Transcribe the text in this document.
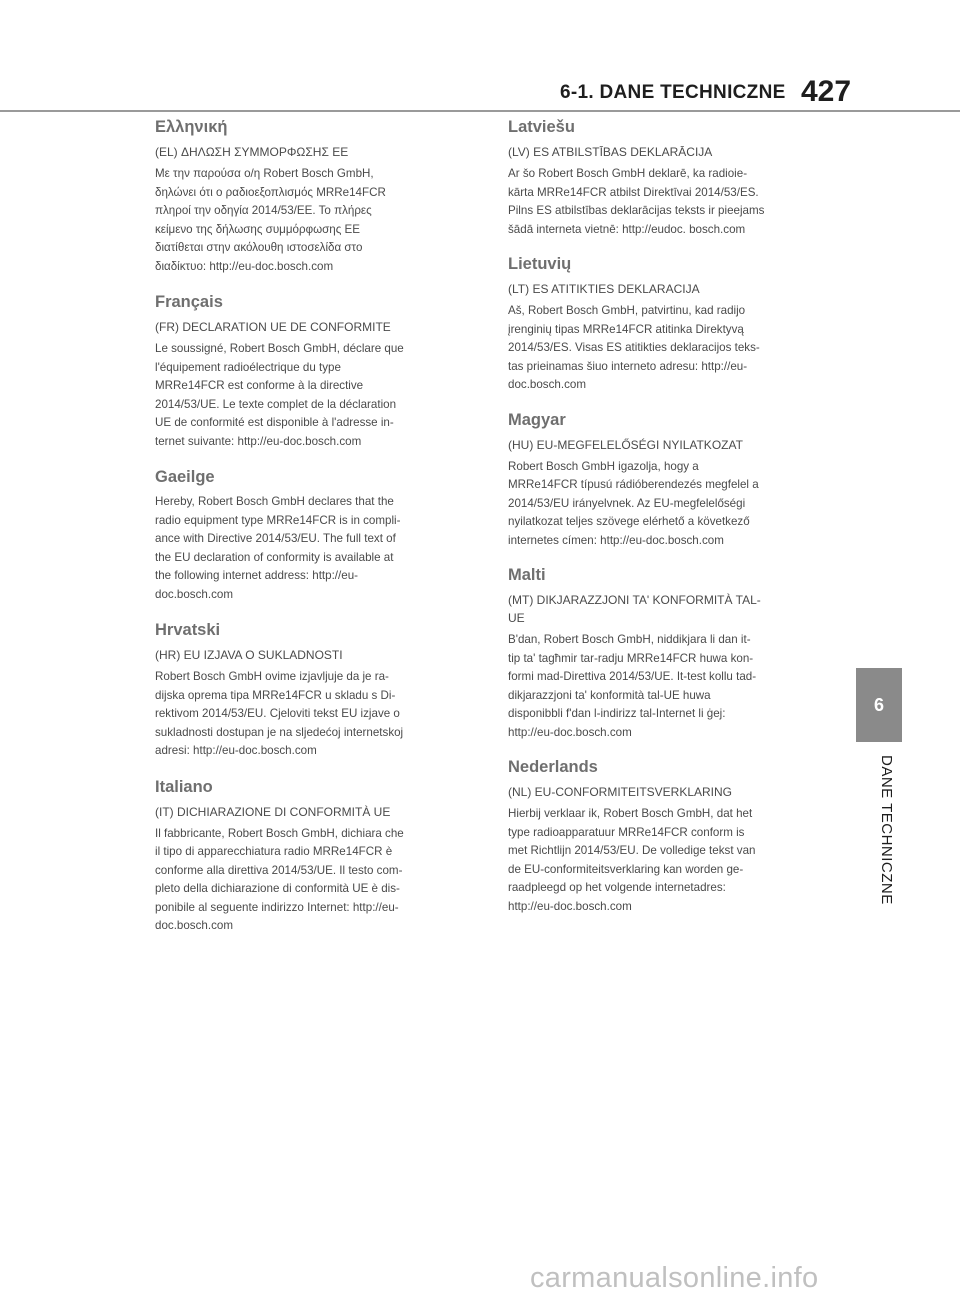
6-1. DANE TECHNICZNE 427
Ελληνική
(EL) ΔΗΛΩΣΗ ΣΥΜΜΟΡΦΩΣΗΣ ΕΕ
Με την παρούσα ο/η Robert Bosch GmbH,
δηλώνει ότι ο ραδιοεξοπλισμός MRRe14FCR
πληροί την οδηγία 2014/53/ΕΕ. Το πλήρες
κείμενο της δήλωσης συμμόρφωσης ΕΕ
διατίθεται στην ακόλουθη ιστοσελίδα στο
διαδίκτυο: http://eu-doc.bosch.com
Français
(FR) DECLARATION UE DE CONFORMITE
Le soussigné, Robert Bosch GmbH, déclare que
l'équipement radioélectrique du type
MRRe14FCR est conforme à la directive
2014/53/UE. Le texte complet de la déclaration
UE de conformité est disponible à l'adresse in-
ternet suivante: http://eu-doc.bosch.com
Gaeilge
Hereby, Robert Bosch GmbH declares that the
radio equipment type MRRe14FCR is in compli-
ance with Directive 2014/53/EU. The full text of
the EU declaration of conformity is available at
the following internet address: http://eu-
doc.bosch.com
Hrvatski
(HR) EU IZJAVA O SUKLADNOSTI
Robert Bosch GmbH ovime izjavljuje da je ra-
dijska oprema tipa MRRe14FCR u skladu s Di-
rektivom 2014/53/EU. Cjeloviti tekst EU izjave o
sukladnosti dostupan je na sljedećoj internetskoj
adresi: http://eu-doc.bosch.com
Italiano
(IT) DICHIARAZIONE DI CONFORMITÀ UE
Il fabbricante, Robert Bosch GmbH, dichiara che
il tipo di apparecchiatura radio MRRe14FCR è
conforme alla direttiva 2014/53/UE. Il testo com-
pleto della dichiarazione di conformità UE è dis-
ponibile al seguente indirizzo Internet: http://eu-
doc.bosch.com
Latviešu
(LV) ES ATBILSTĪBAS DEKLARĀCIJA
Ar šo Robert Bosch GmbH deklarē, ka radioie-
kārta MRRe14FCR atbilst Direktīvai 2014/53/ES.
Pilns ES atbilstības deklarācijas teksts ir pieejams
šādā interneta vietnē: http://eudoc. bosch.com
Lietuvių
(LT) ES ATITIKTIES DEKLARACIJA
Aš, Robert Bosch GmbH, patvirtinu, kad radijo
įrenginių tipas MRRe14FCR atitinka Direktyvą
2014/53/ES. Visas ES atitikties deklaracijos teks-
tas prieinamas šiuo interneto adresu: http://eu-
doc.bosch.com
Magyar
(HU) EU-MEGFELELŐSÉGI NYILATKOZAT
Robert Bosch GmbH igazolja, hogy a
MRRe14FCR típusú rádióberendezés megfelel a
2014/53/EU irányelvnek. Az EU-megfelelőségi
nyilatkozat teljes szövege elérhető a következő
internetes címen: http://eu-doc.bosch.com
Malti
(MT) DIKJARAZZJONI TA' KONFORMITÀ TAL-
UE
B'dan, Robert Bosch GmbH, niddikjara li dan it-
tip ta' tagħmir tar-radju MRRe14FCR huwa kon-
formi mad-Direttiva 2014/53/UE. It-test kollu tad-
dikjarazzjoni ta' konformità tal-UE huwa
disponibbli f'dan l-indirizz tal-Internet li ġej:
http://eu-doc.bosch.com
Nederlands
(NL) EU-CONFORMITEITSVERKLARING
Hierbij verklaar ik, Robert Bosch GmbH, dat het
type radioapparatuur MRRe14FCR conform is
met Richtlijn 2014/53/EU. De volledige tekst van
de EU-conformiteitsverklaring kan worden ge-
raadpleegd op het volgende internetadres:
http://eu-doc.bosch.com
6
DANE TECHNICZNE
carmanualsonline.info
